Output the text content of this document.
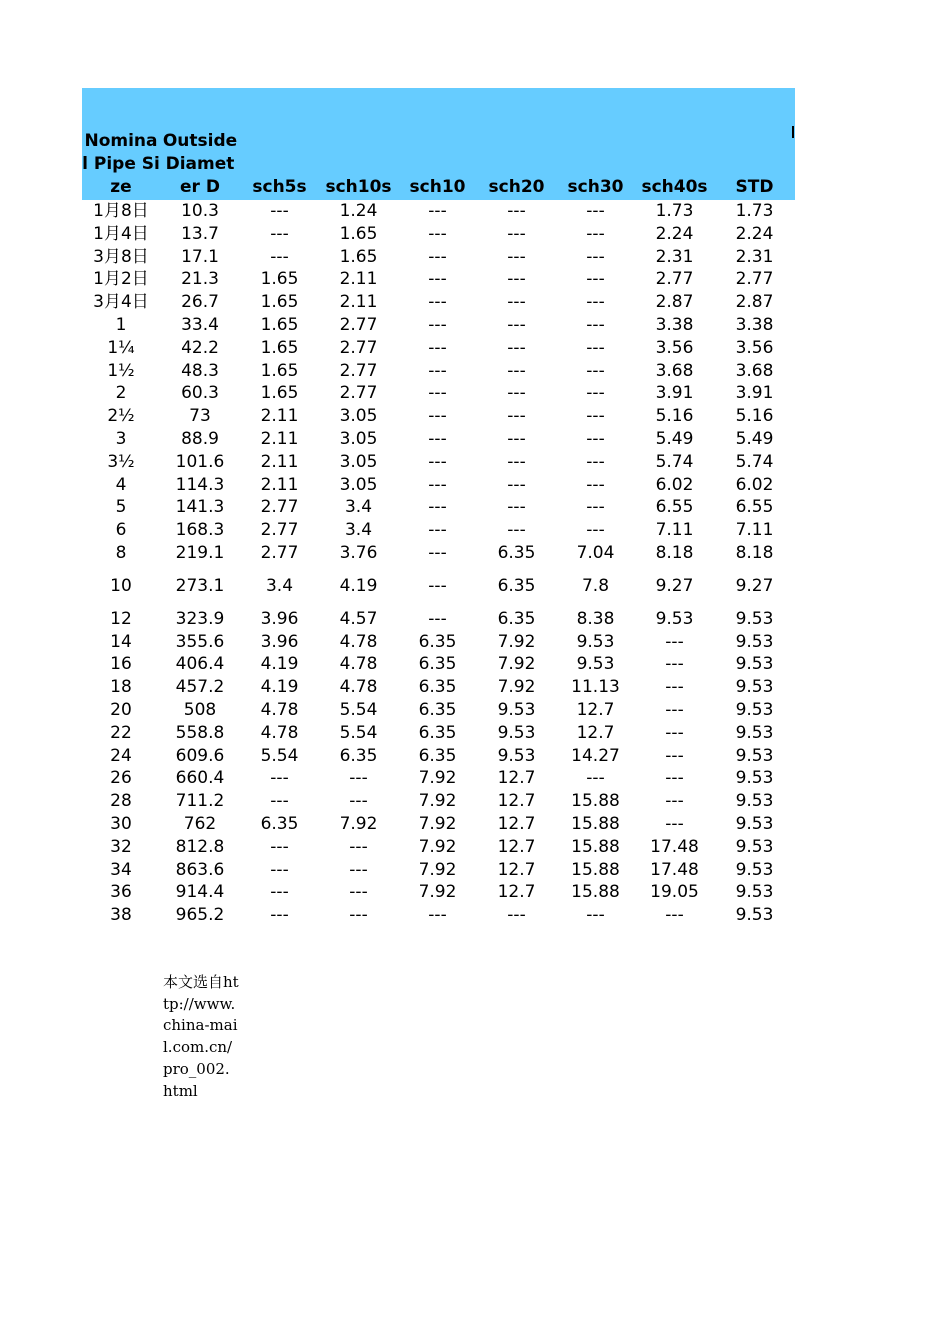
Nominal Pipe Size	Outside Diameter D	sch5s	sch10s	sch10	sch20	sch30	sch40s	STD
1月8日	10.3	---	1.24	---	---	---	1.73	1.73
1月4日	13.7	---	1.65	---	---	---	2.24	2.24
3月8日	17.1	---	1.65	---	---	---	2.31	2.31
1月2日	21.3	1.65	2.11	---	---	---	2.77	2.77
3月4日	26.7	1.65	2.11	---	---	---	2.87	2.87
1	33.4	1.65	2.77	---	---	---	3.38	3.38
1¼	42.2	1.65	2.77	---	---	---	3.56	3.56
1½	48.3	1.65	2.77	---	---	---	3.68	3.68
2	60.3	1.65	2.77	---	---	---	3.91	3.91
2½	73	2.11	3.05	---	---	---	5.16	5.16
3	88.9	2.11	3.05	---	---	---	5.49	5.49
3½	101.6	2.11	3.05	---	---	---	5.74	5.74
4	114.3	2.11	3.05	---	---	---	6.02	6.02
5	141.3	2.77	3.4	---	---	---	6.55	6.55
6	168.3	2.77	3.4	---	---	---	7.11	7.11
8	219.1	2.77	3.76	---	6.35	7.04	8.18	8.18
10	273.1	3.4	4.19	---	6.35	7.8	9.27	9.27
12	323.9	3.96	4.57	---	6.35	8.38	9.53	9.53
14	355.6	3.96	4.78	6.35	7.92	9.53	---	9.53
16	406.4	4.19	4.78	6.35	7.92	9.53	---	9.53
18	457.2	4.19	4.78	6.35	7.92	11.13	---	9.53
20	508	4.78	5.54	6.35	9.53	12.7	---	9.53
22	558.8	4.78	5.54	6.35	9.53	12.7	---	9.53
24	609.6	5.54	6.35	6.35	9.53	14.27	---	9.53
26	660.4	---	---	7.92	12.7	---	---	9.53
28	711.2	---	---	7.92	12.7	15.88	---	9.53
30	762	6.35	7.92	7.92	12.7	15.88	---	9.53
32	812.8	---	---	7.92	12.7	15.88	17.48	9.53
34	863.6	---	---	7.92	12.7	15.88	17.48	9.53
36	914.4	---	---	7.92	12.7	15.88	19.05	9.53
38	965.2	---	---	---	---	---	---	9.53
本文选自http://www.china-mail.com.cn/pro_002.html
